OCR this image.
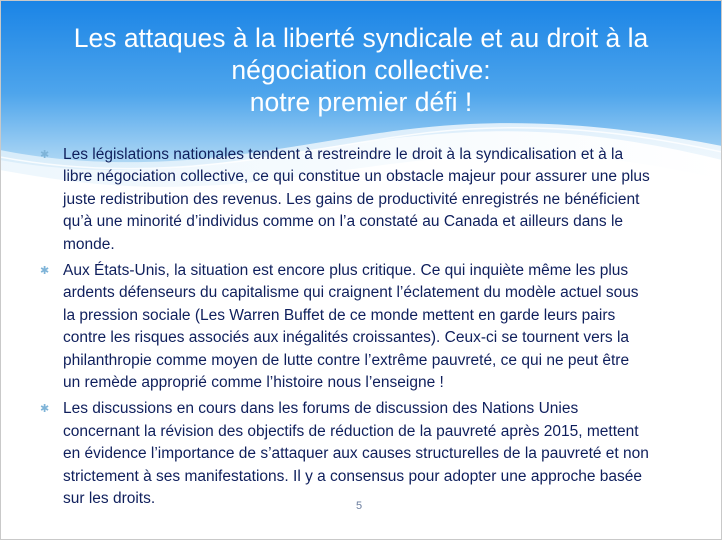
Les attaques à la liberté syndicale et au droit à la
négociation collective:
notre premier défi !
✱ Les législations nationales tendent à restreindre le droit à la syndicalisation et à la libre négociation collective, ce qui constitue un obstacle majeur pour assurer une plus juste redistribution des revenus. Les gains de productivité enregistrés ne bénéficient qu’à une minorité d’individus comme on l’a constaté au Canada et ailleurs dans le monde.
✱ Aux États-Unis, la situation est encore plus critique. Ce qui inquiète même les plus ardents défenseurs du capitalisme qui craignent l’éclatement du modèle actuel sous la pression sociale (Les Warren Buffet de ce monde mettent en garde leurs pairs contre les risques associés aux inégalités croissantes). Ceux-ci se tournent vers la philanthropie comme moyen de lutte contre l’extrême pauvreté, ce qui ne peut être un remède approprié comme l’histoire nous l’enseigne !
✱ Les discussions en cours dans les forums de discussion des Nations Unies concernant la révision des objectifs de réduction de la pauvreté après 2015, mettent en évidence l’importance de s’attaquer aux causes structurelles de la pauvreté et non strictement à ses manifestations. Il y a consensus pour adopter une approche basée sur les droits.	5
